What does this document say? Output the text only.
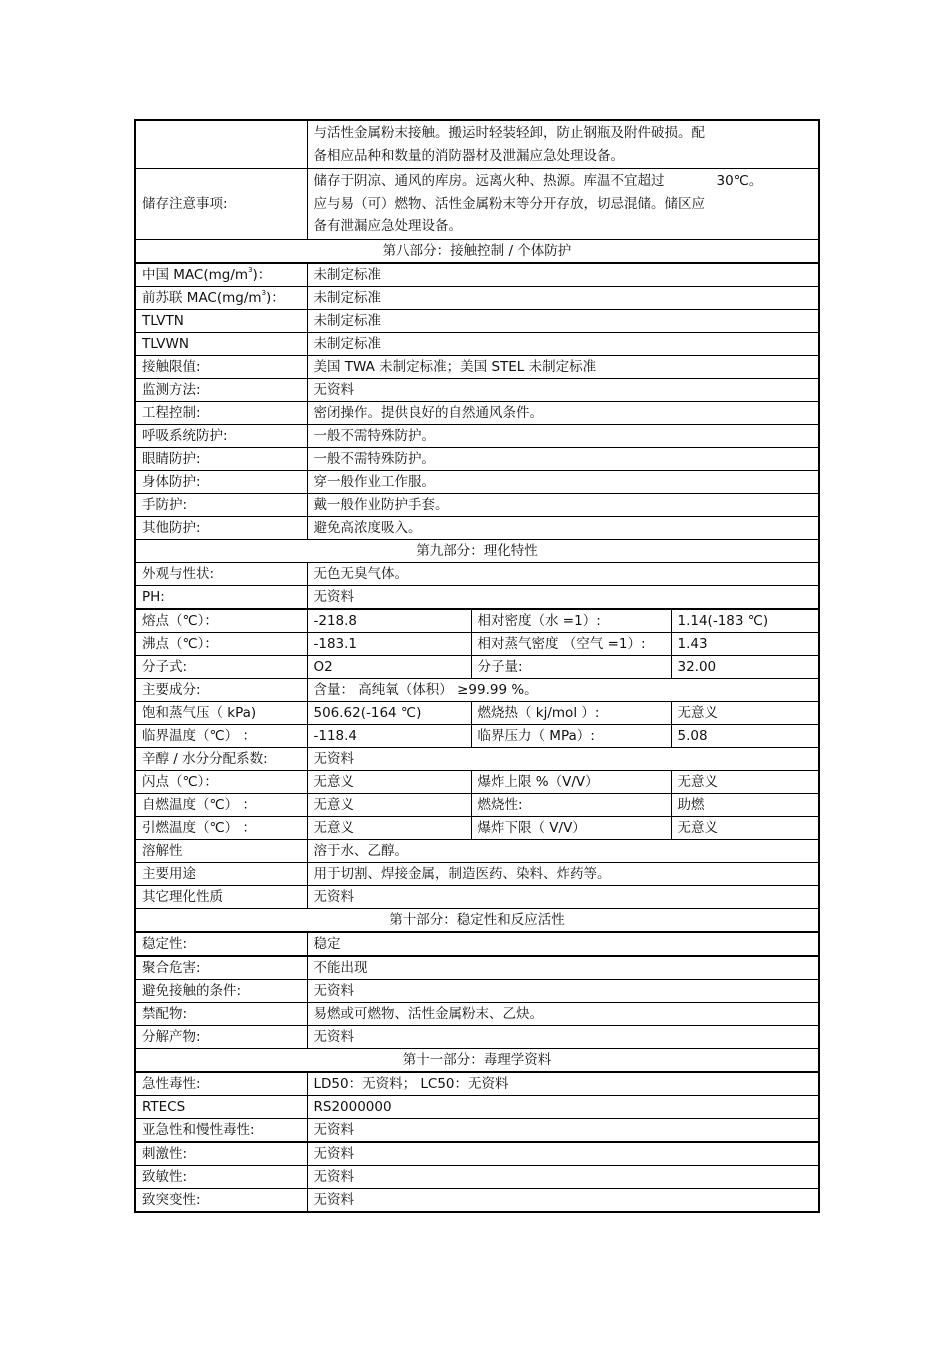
	与活性金属粉末接触。搬运时轻装轻卸，防止钢瓶及附件破损。配
备相应品种和数量的消防器材及泄漏应急处理设备。		

储存注意事项:	储存于阴凉、通风的库房。远离火种、热源。库温不宜超过 30℃。
应与易（可）燃物、活性金属粉末等分开存放，切忌混储。储区应
备有泄漏应急处理设备。		

第八部分：接触控制 / 个体防护			
中国 $MAC(mg/m^3)$：	未制定标准		
前苏联 $MAC(mg/m^3)$：	未制定标准		
TLVTN	未制定标准		
TLVWN	未制定标准		
接触限值:	美国 TWA 未制定标准；美国 STEL 未制定标准		
监测方法:	无资料		
工程控制:	密闭操作。提供良好的自然通风条件。		
呼吸系统防护:	一般不需特殊防护。		
眼睛防护:	一般不需特殊防护。		
身体防护:	穿一般作业工作服。		
手防护:	戴一般作业防护手套。		
其他防护:	避免高浓度吸入。		
第九部分：理化特性			
外观与性状:	无色无臭气体。		
PH:	无资料		
熔点（℃）：	-218.8	相对密度（水 =1）:	1.14(-183 ℃)
沸点（℃）：	-183.1	相对蒸气密度 （空气 =1）:	1.43
分子式:	O2	分子量:	32.00
主要成分:	含量： 高纯氧（体积） ≥99.99 %。		
饱和蒸气压（ kPa)	506.62(-164 ℃)	燃烧热（ kj/mol ）:	无意义
临界温度（℃） ：	-118.4	临界压力（ MPa）:	5.08
辛醇 / 水分分配系数:	无资料		
闪点（℃）：	无意义	爆炸上限 %（V/V）	无意义
自燃温度（℃） ：	无意义	燃烧性:	助燃
引燃温度（℃） ：	无意义	爆炸下限（ V/V）	无意义
溶解性	溶于水、乙醇。		
主要用途	用于切割、焊接金属，制造医药、染料、炸药等。		
其它理化性质	无资料		
第十部分：稳定性和反应活性			
稳定性:	稳定		
聚合危害:	不能出现		
避免接触的条件:	无资料		
禁配物:	易燃或可燃物、活性金属粉末、乙炔。		
分解产物:	无资料		
第十一部分：毒理学资料			
急性毒性:	LD50：无资料； LC50：无资料		
RTECS	RS2000000		
亚急性和慢性毒性:	无资料		
刺激性:	无资料		
致敏性:	无资料		
致突变性:	无资料		
